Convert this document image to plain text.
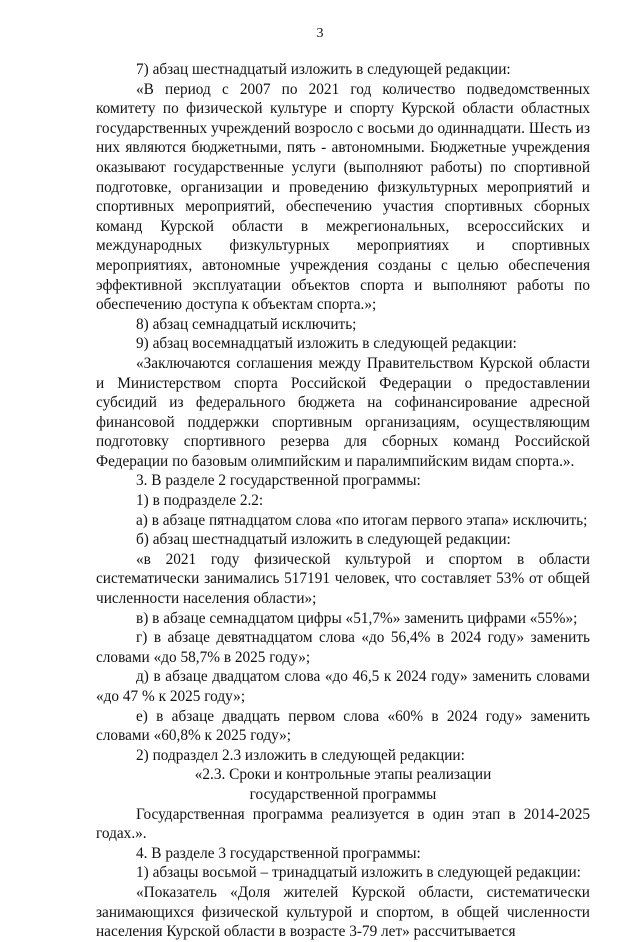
3

7) абзац шестнадцатый изложить в следующей редакции:

«В период с 2007 по 2021 год количество подведомственных комитету по физической культуре и спорту Курской области областных государственных учреждений возросло с восьми до одиннадцати. Шесть из них являются бюджетными, пять - автономными. Бюджетные учреждения оказывают государственные услуги (выполняют работы) по спортивной подготовке, организации и проведению физкультурных мероприятий и спортивных мероприятий, обеспечению участия спортивных сборных команд Курской области в межрегиональных, всероссийских и международных физкультурных мероприятиях и спортивных мероприятиях, автономные учреждения созданы с целью обеспечения эффективной эксплуатации объектов спорта и выполняют работы по обеспечению доступа к объектам спорта.»;

8) абзац семнадцатый исключить;

9) абзац восемнадцатый изложить в следующей редакции:

«Заключаются соглашения между Правительством Курской области и Министерством спорта Российской Федерации о предоставлении субсидий из федерального бюджета на софинансирование адресной финансовой поддержки спортивным организациям, осуществляющим подготовку спортивного резерва для сборных команд Российской Федерации по базовым олимпийским и паралимпийским видам спорта.».

3. В разделе 2 государственной программы:

1) в подразделе 2.2:

а) в абзаце пятнадцатом слова «по итогам первого этапа» исключить;

б) абзац шестнадцатый изложить в следующей редакции:

«в 2021 году физической культурой и спортом в области систематически занимались 517191 человек, что составляет 53% от общей численности населения области»;

в) в абзаце семнадцатом цифры «51,7%» заменить цифрами «55%»;

г) в абзаце девятнадцатом слова «до 56,4% в 2024 году» заменить словами «до 58,7% в 2025 году»;

д) в абзаце двадцатом слова «до 46,5 к 2024 году» заменить словами «до 47 % к 2025 году»;

е) в абзаце двадцать первом слова «60% в 2024 году» заменить словами «60,8% к 2025 году»;

2) подраздел 2.3 изложить в следующей редакции:

«2.3. Сроки и контрольные этапы реализации

государственной программы

Государственная программа реализуется в один этап в 2014-2025 годах.».

4. В разделе 3 государственной программы:

1) абзацы восьмой – тринадцатый изложить в следующей редакции:

«Показатель «Доля жителей Курской области, систематически занимающихся физической культурой и спортом, в общей численности населения Курской области в возрасте 3-79 лет» рассчитывается
